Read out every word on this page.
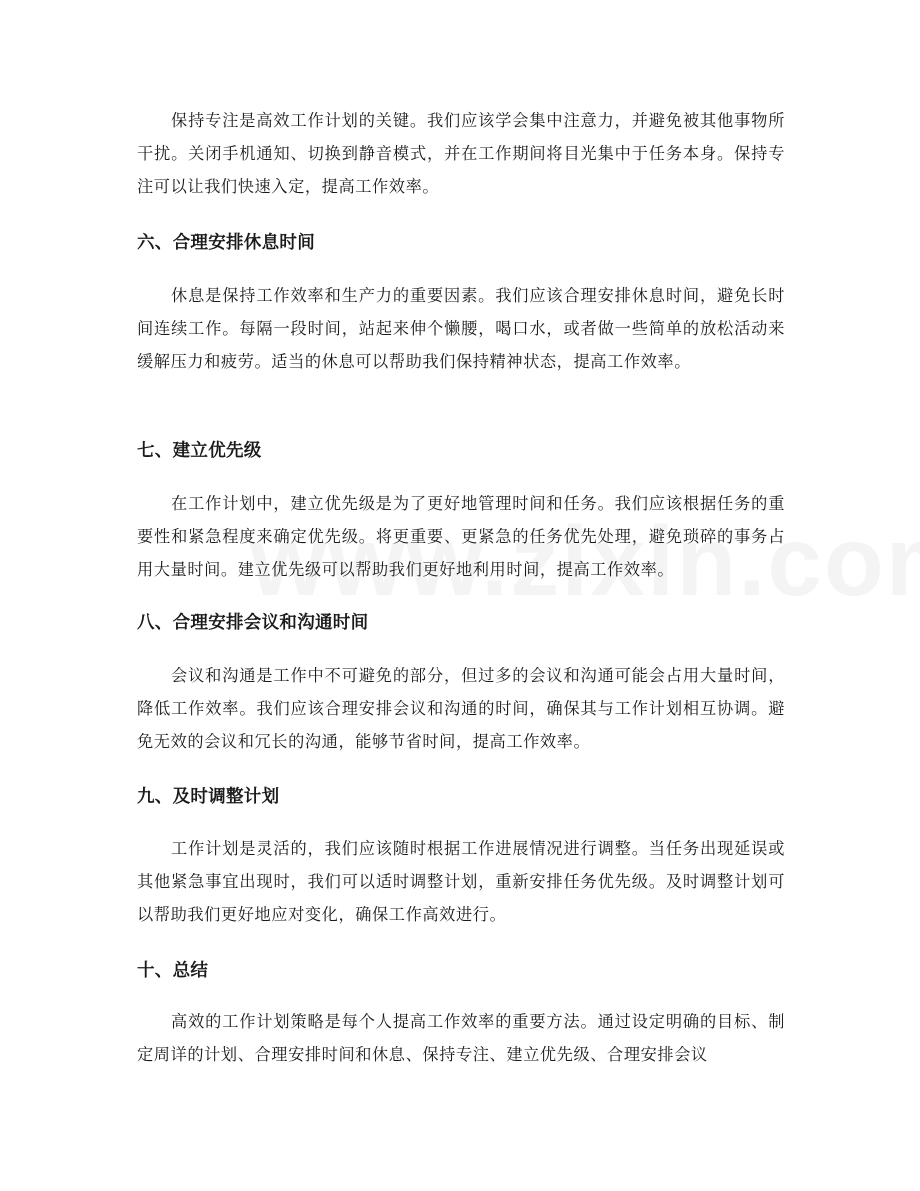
保持专注是高效工作计划的关键。我们应该学会集中注意力，并避免被其他事物所干扰。关闭手机通知、切换到静音模式，并在工作期间将目光集中于任务本身。保持专注可以让我们快速入定，提高工作效率。

六、合理安排休息时间

休息是保持工作效率和生产力的重要因素。我们应该合理安排休息时间，避免长时间连续工作。每隔一段时间，站起来伸个懒腰，喝口水，或者做一些简单的放松活动来缓解压力和疲劳。适当的休息可以帮助我们保持精神状态，提高工作效率。

七、建立优先级

在工作计划中，建立优先级是为了更好地管理时间和任务。我们应该根据任务的重要性和紧急程度来确定优先级。将更重要、更紧急的任务优先处理，避免琐碎的事务占用大量时间。建立优先级可以帮助我们更好地利用时间，提高工作效率。

八、合理安排会议和沟通时间

会议和沟通是工作中不可避免的部分，但过多的会议和沟通可能会占用大量时间，降低工作效率。我们应该合理安排会议和沟通的时间，确保其与工作计划相互协调。避免无效的会议和冗长的沟通，能够节省时间，提高工作效率。

九、及时调整计划

工作计划是灵活的，我们应该随时根据工作进展情况进行调整。当任务出现延误或其他紧急事宜出现时，我们可以适时调整计划，重新安排任务优先级。及时调整计划可以帮助我们更好地应对变化，确保工作高效进行。

十、总结

高效的工作计划策略是每个人提高工作效率的重要方法。通过设定明确的目标、制定周详的计划、合理安排时间和休息、保持专注、建立优先级、合理安排会议
